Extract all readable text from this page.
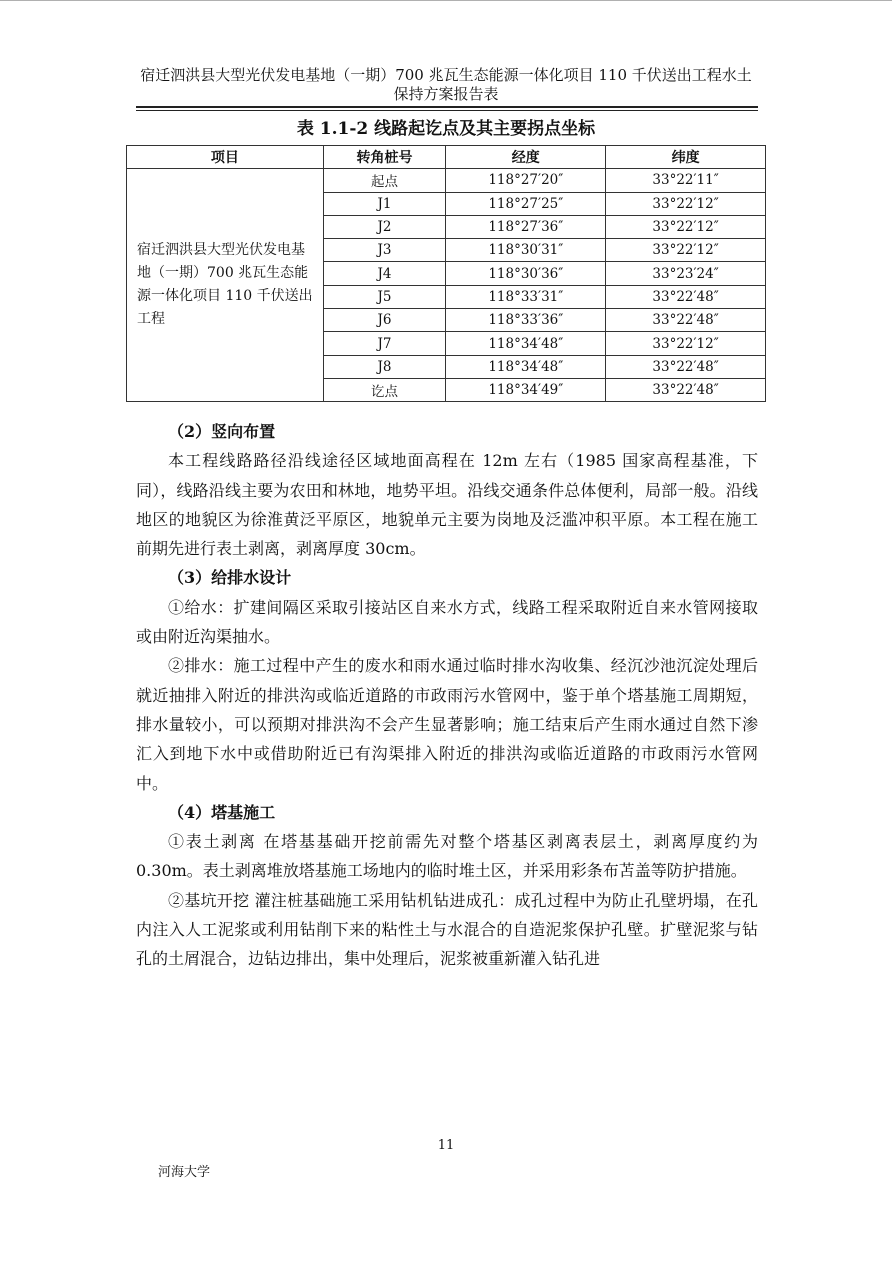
宿迁泗洪县大型光伏发电基地（一期）700 兆瓦生态能源一体化项目 110 千伏送出工程水土
保持方案报告表
表 1.1-2 线路起讫点及其主要拐点坐标
项目	转角桩号	经度	纬度
宿迁泗洪县大型光伏发电基地（一期）700 兆瓦生态能源一体化项目 110 千伏送出工程	起点	118°27′20″	33°22′11″
	J1	118°27′25″	33°22′12″
	J2	118°27′36″	33°22′12″
	J3	118°30′31″	33°22′12″
	J4	118°30′36″	33°23′24″
	J5	118°33′31″	33°22′48″
	J6	118°33′36″	33°22′48″
	J7	118°34′48″	33°22′12″
	J8	118°34′48″	33°22′48″
	讫点	118°34′49″	33°22′48″

（2）竖向布置

本工程线路路径沿线途径区域地面高程在 12m 左右（1985 国家高程基准，下同），线路沿线主要为农田和林地，地势平坦。沿线交通条件总体便利，局部一般。沿线地区的地貌区为徐淮黄泛平原区，地貌单元主要为岗地及泛滥冲积平原。本工程在施工前期先进行表土剥离，剥离厚度 30cm。

（3）给排水设计

①给水：扩建间隔区采取引接站区自来水方式，线路工程采取附近自来水管网接取或由附近沟渠抽水。

②排水：施工过程中产生的废水和雨水通过临时排水沟收集、经沉沙池沉淀处理后就近抽排入附近的排洪沟或临近道路的市政雨污水管网中，鉴于单个塔基施工周期短，排水量较小，可以预期对排洪沟不会产生显著影响；施工结束后产生雨水通过自然下渗汇入到地下水中或借助附近已有沟渠排入附近的排洪沟或临近道路的市政雨污水管网中。

（4）塔基施工

①表土剥离 在塔基基础开挖前需先对整个塔基区剥离表层土，剥离厚度约为 0.30m。表土剥离堆放塔基施工场地内的临时堆土区，并采用彩条布苫盖等防护措施。

②基坑开挖 灌注桩基础施工采用钻机钻进成孔：成孔过程中为防止孔壁坍塌，在孔内注入人工泥浆或利用钻削下来的粘性土与水混合的自造泥浆保护孔壁。扩壁泥浆与钻孔的土屑混合，边钻边排出，集中处理后，泥浆被重新灌入钻孔进

11
河海大学
